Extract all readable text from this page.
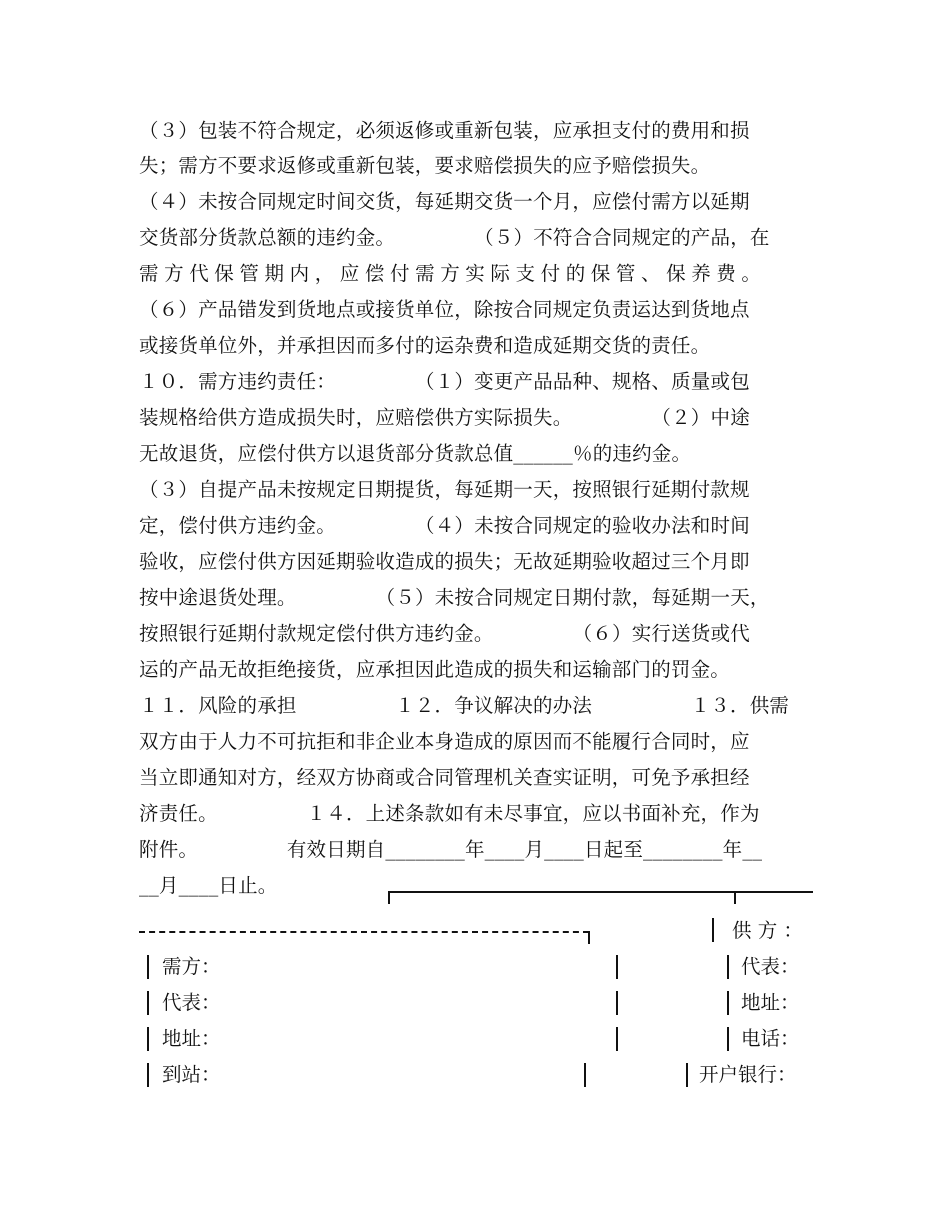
（３）包装不符合规定，必须返修或重新包装，应承担支付的费用和损
失；需方不要求返修或重新包装，要求赔偿损失的应予赔偿损失。
（４）未按合同规定时间交货，每延期交货一个月，应偿付需方以延期
交货部分货款总额的违约金。　　　　　（５）不符合合同规定的产品，在
需方代保管期内，应偿付需方实际支付的保管、保养费。
（６）产品错发到货地点或接货单位，除按合同规定负责运达到货地点
或接货单位外，并承担因而多付的运杂费和造成延期交货的责任。
１０．需方违约责任：　　　　　（１）变更产品品种、规格、质量或包
装规格给供方造成损失时，应赔偿供方实际损失。　　　　　（２）中途
无故退货，应偿付供方以退货部分货款总值______％的违约金。
（３）自提产品未按规定日期提货，每延期一天，按照银行延期付款规
定，偿付供方违约金。　　　　　（４）未按合同规定的验收办法和时间
验收，应偿付供方因延期验收造成的损失；无故延期验收超过三个月即
按中途退货处理。　　　　　（５）未按合同规定日期付款，每延期一天，
按照银行延期付款规定偿付供方违约金。　　　　　（６）实行送货或代
运的产品无故拒绝接货，应承担因此造成的损失和运输部门的罚金。
１１．风险的承担　　　　　１２．争议解决的办法　　　　　１３．供需
双方由于人力不可抗拒和非企业本身造成的原因而不能履行合同时，应
当立即通知对方，经双方协商或合同管理机关查实证明，可免予承担经
济责任。　　　　　１４．上述条款如有未尽事宜，应以书面补充，作为
附件。　　　　　有效日期自________年____月____日起至________年__
__月____日止。
供 方 ：
需方：	代表：
代表：	地址：
地址：	电话：
到站：	开户银行：
